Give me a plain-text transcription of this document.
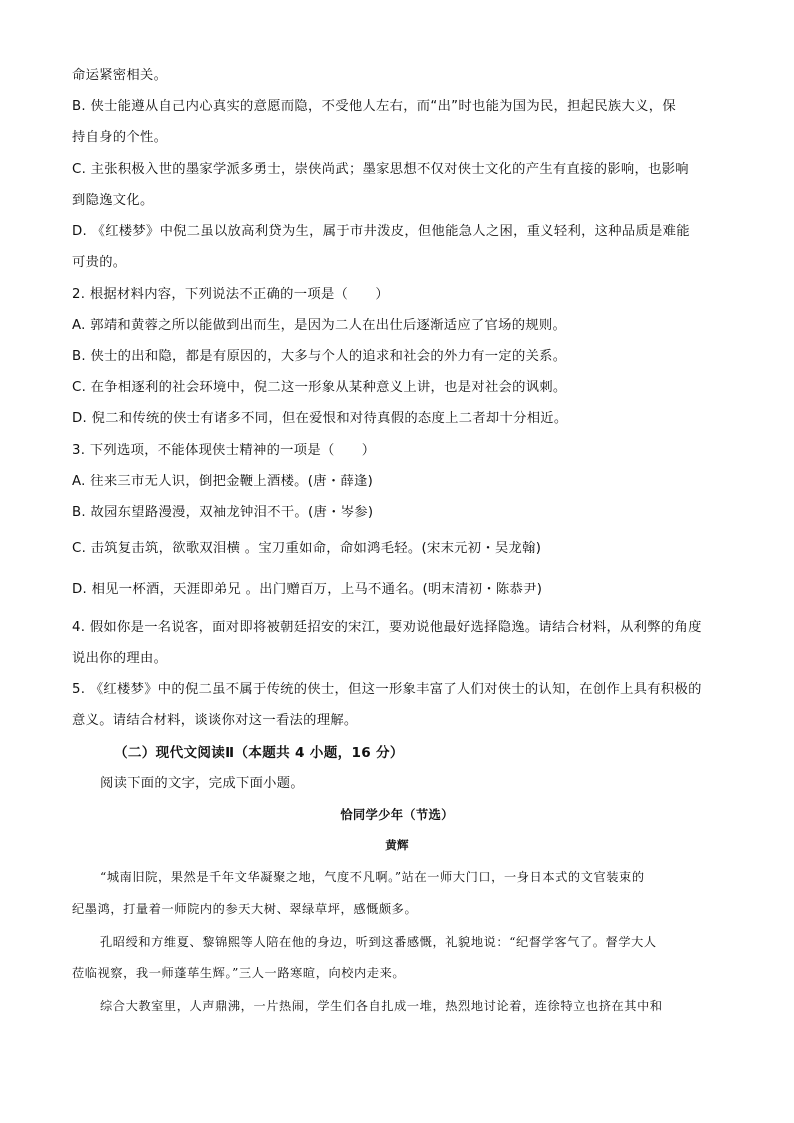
命运紧密相关。

B. 侠士能遵从自己内心真实的意愿而隐，不受他人左右，而“出”时也能为国为民，担起民族大义，保

持自身的个性。

C. 主张积极入世的墨家学派多勇士，崇侠尚武；墨家思想不仅对侠士文化的产生有直接的影响，也影响

到隐逸文化。

D. 《红楼梦》中倪二虽以放高利贷为生，属于市井泼皮，但他能急人之困，重义轻利，这种品质是难能

可贵的。

2. 根据材料内容，下列说法不正确的一项是（　　）

A. 郭靖和黄蓉之所以能做到出而生，是因为二人在出仕后逐渐适应了官场的规则。

B. 侠士的出和隐，都是有原因的，大多与个人的追求和社会的外力有一定的关系。

C. 在争相逐利的社会环境中，倪二这一形象从某种意义上讲，也是对社会的讽刺。

D. 倪二和传统的侠士有诸多不同，但在爱恨和对待真假的态度上二者却十分相近。

3. 下列选项，不能体现侠士精神的一项是（　　）

A. 往来三市无人识，倒把金鞭上酒楼。(唐・薛逢)

B. 故园东望路漫漫，双袖龙钟泪不干。(唐・岑参)

C. 击筑复击筑，欲歌双泪横 。宝刀重如命，命如鸿毛轻。(宋末元初・吴龙翰)

D. 相见一杯酒，天涯即弟兄 。出门赠百万，上马不通名。(明末清初・陈恭尹)

4. 假如你是一名说客，面对即将被朝廷招安的宋江，要劝说他最好选择隐逸。请结合材料，从利弊的角度

说出你的理由。

5. 《红楼梦》中的倪二虽不属于传统的侠士，但这一形象丰富了人们对侠士的认知，在创作上具有积极的

意义。请结合材料，谈谈你对这一看法的理解。

（二）现代文阅读Ⅱ（本题共 4 小题，16 分）

阅读下面的文字，完成下面小题。

恰同学少年（节选）

黄辉

“城南旧院，果然是千年文华凝聚之地，气度不凡啊。”站在一师大门口，一身日本式的文官装束的

纪墨鸿，打量着一师院内的参天大树、翠绿草坪，感慨颇多。

孔昭绶和方维夏、黎锦熙等人陪在他的身边，听到这番感慨，礼貌地说：“纪督学客气了。督学大人

莅临视察，我一师蓬荜生辉。”三人一路寒暄，向校内走来。

综合大教室里，人声鼎沸，一片热闹，学生们各自扎成一堆，热烈地讨论着，连徐特立也挤在其中和
